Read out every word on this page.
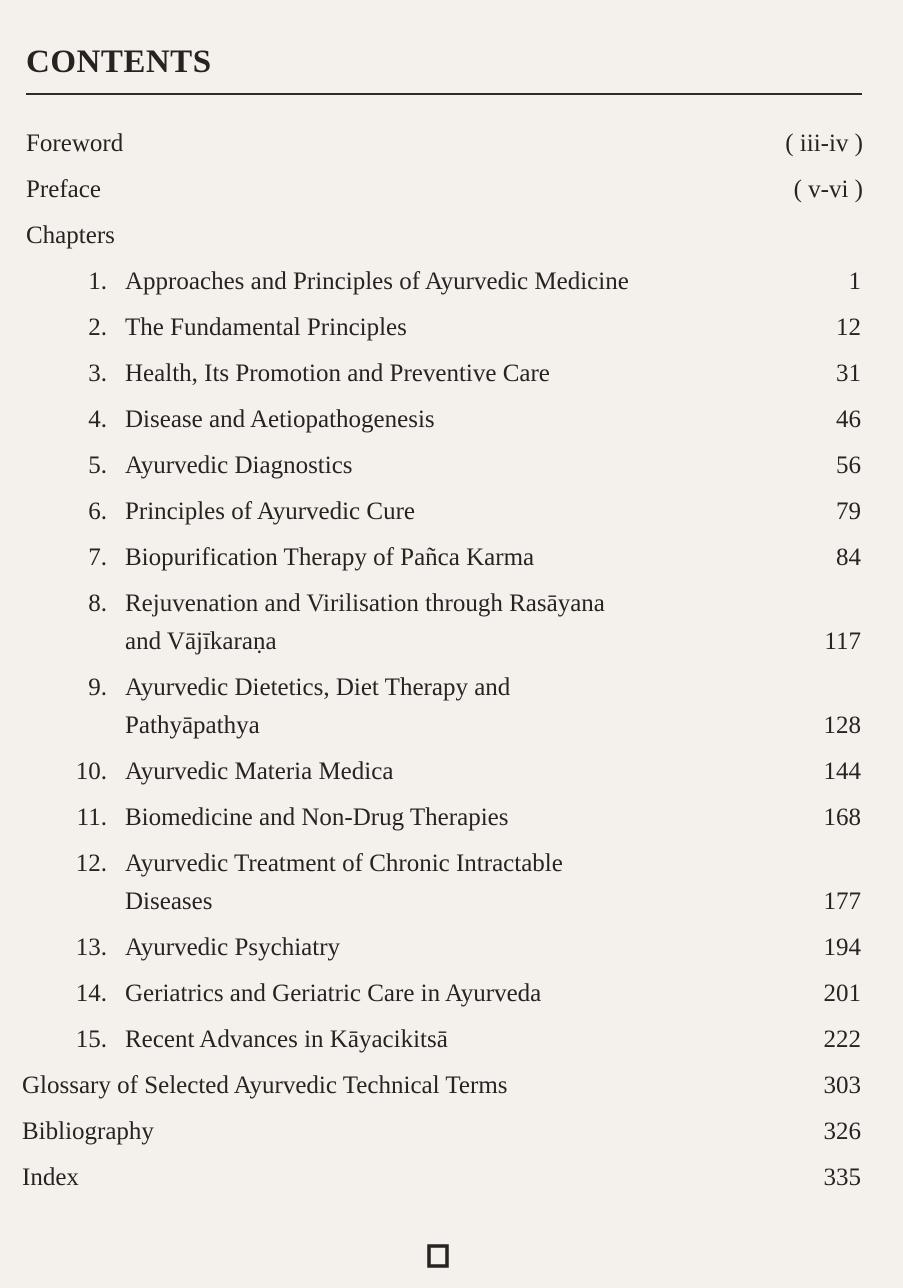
CONTENTS
Foreword	( iii-iv )
Preface	( v-vi )
Chapters
1. Approaches and Principles of Ayurvedic Medicine	1
2. The Fundamental Principles	12
3. Health, Its Promotion and Preventive Care	31
4. Disease and Aetiopathogenesis	46
5. Ayurvedic Diagnostics	56
6. Principles of Ayurvedic Cure	79
7. Biopurification Therapy of Pañca Karma	84
8. Rejuvenation and Virilisation through Rasāyana
and Vājīkaraṇa	117
9. Ayurvedic Dietetics, Diet Therapy and
Pathyāpathya	128
10. Ayurvedic Materia Medica	144
11. Biomedicine and Non-Drug Therapies	168
12. Ayurvedic Treatment of Chronic Intractable
Diseases	177
13. Ayurvedic Psychiatry	194
14. Geriatrics and Geriatric Care in Ayurveda	201
15. Recent Advances in Kāyacikitsā	222
Glossary of Selected Ayurvedic Technical Terms	303
Bibliography	326
Index	335
